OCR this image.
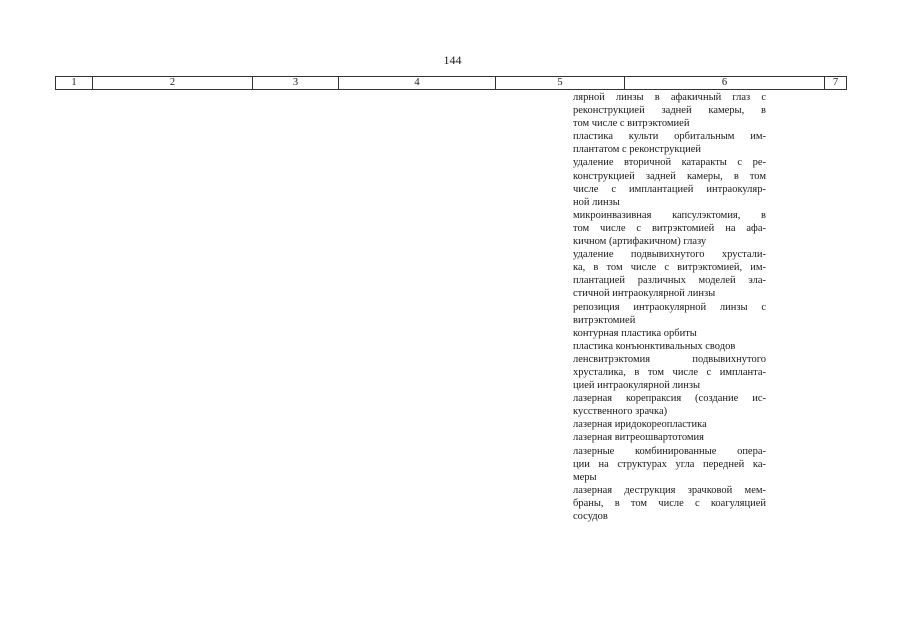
144
1	2	3	4	5	6	7
лярной линзы в афакичный глаз с
реконструкцией задней камеры, в
том числе с витрэктомией
пластика культи орбитальным им-
плантатом с реконструкцией
удаление вторичной катаракты с ре-
конструкцией задней камеры, в том
числе с имплантацией интраокуляр-
ной линзы
микроинвазивная капсулэктомия, в
том числе с витрэктомией на афа-
кичном (артифакичном) глазу
удаление подвывихнутого хрустали-
ка, в том числе с витрэктомией, им-
плантацией различных моделей эла-
стичной интраокулярной линзы
репозиция интраокулярной линзы с
витрэктомией
контурная пластика орбиты
пластика конъюнктивальных сводов
ленсвитрэктомия подвывихнутого
хрусталика, в том числе с импланта-
цией интраокулярной линзы
лазерная корепраксия (создание ис-
кусственного зрачка)
лазерная иридокореопластика
лазерная витреошвартотомия
лазерные комбинированные опера-
ции на структурах угла передней ка-
меры
лазерная деструкция зрачковой мем-
браны, в том числе с коагуляцией
сосудов
